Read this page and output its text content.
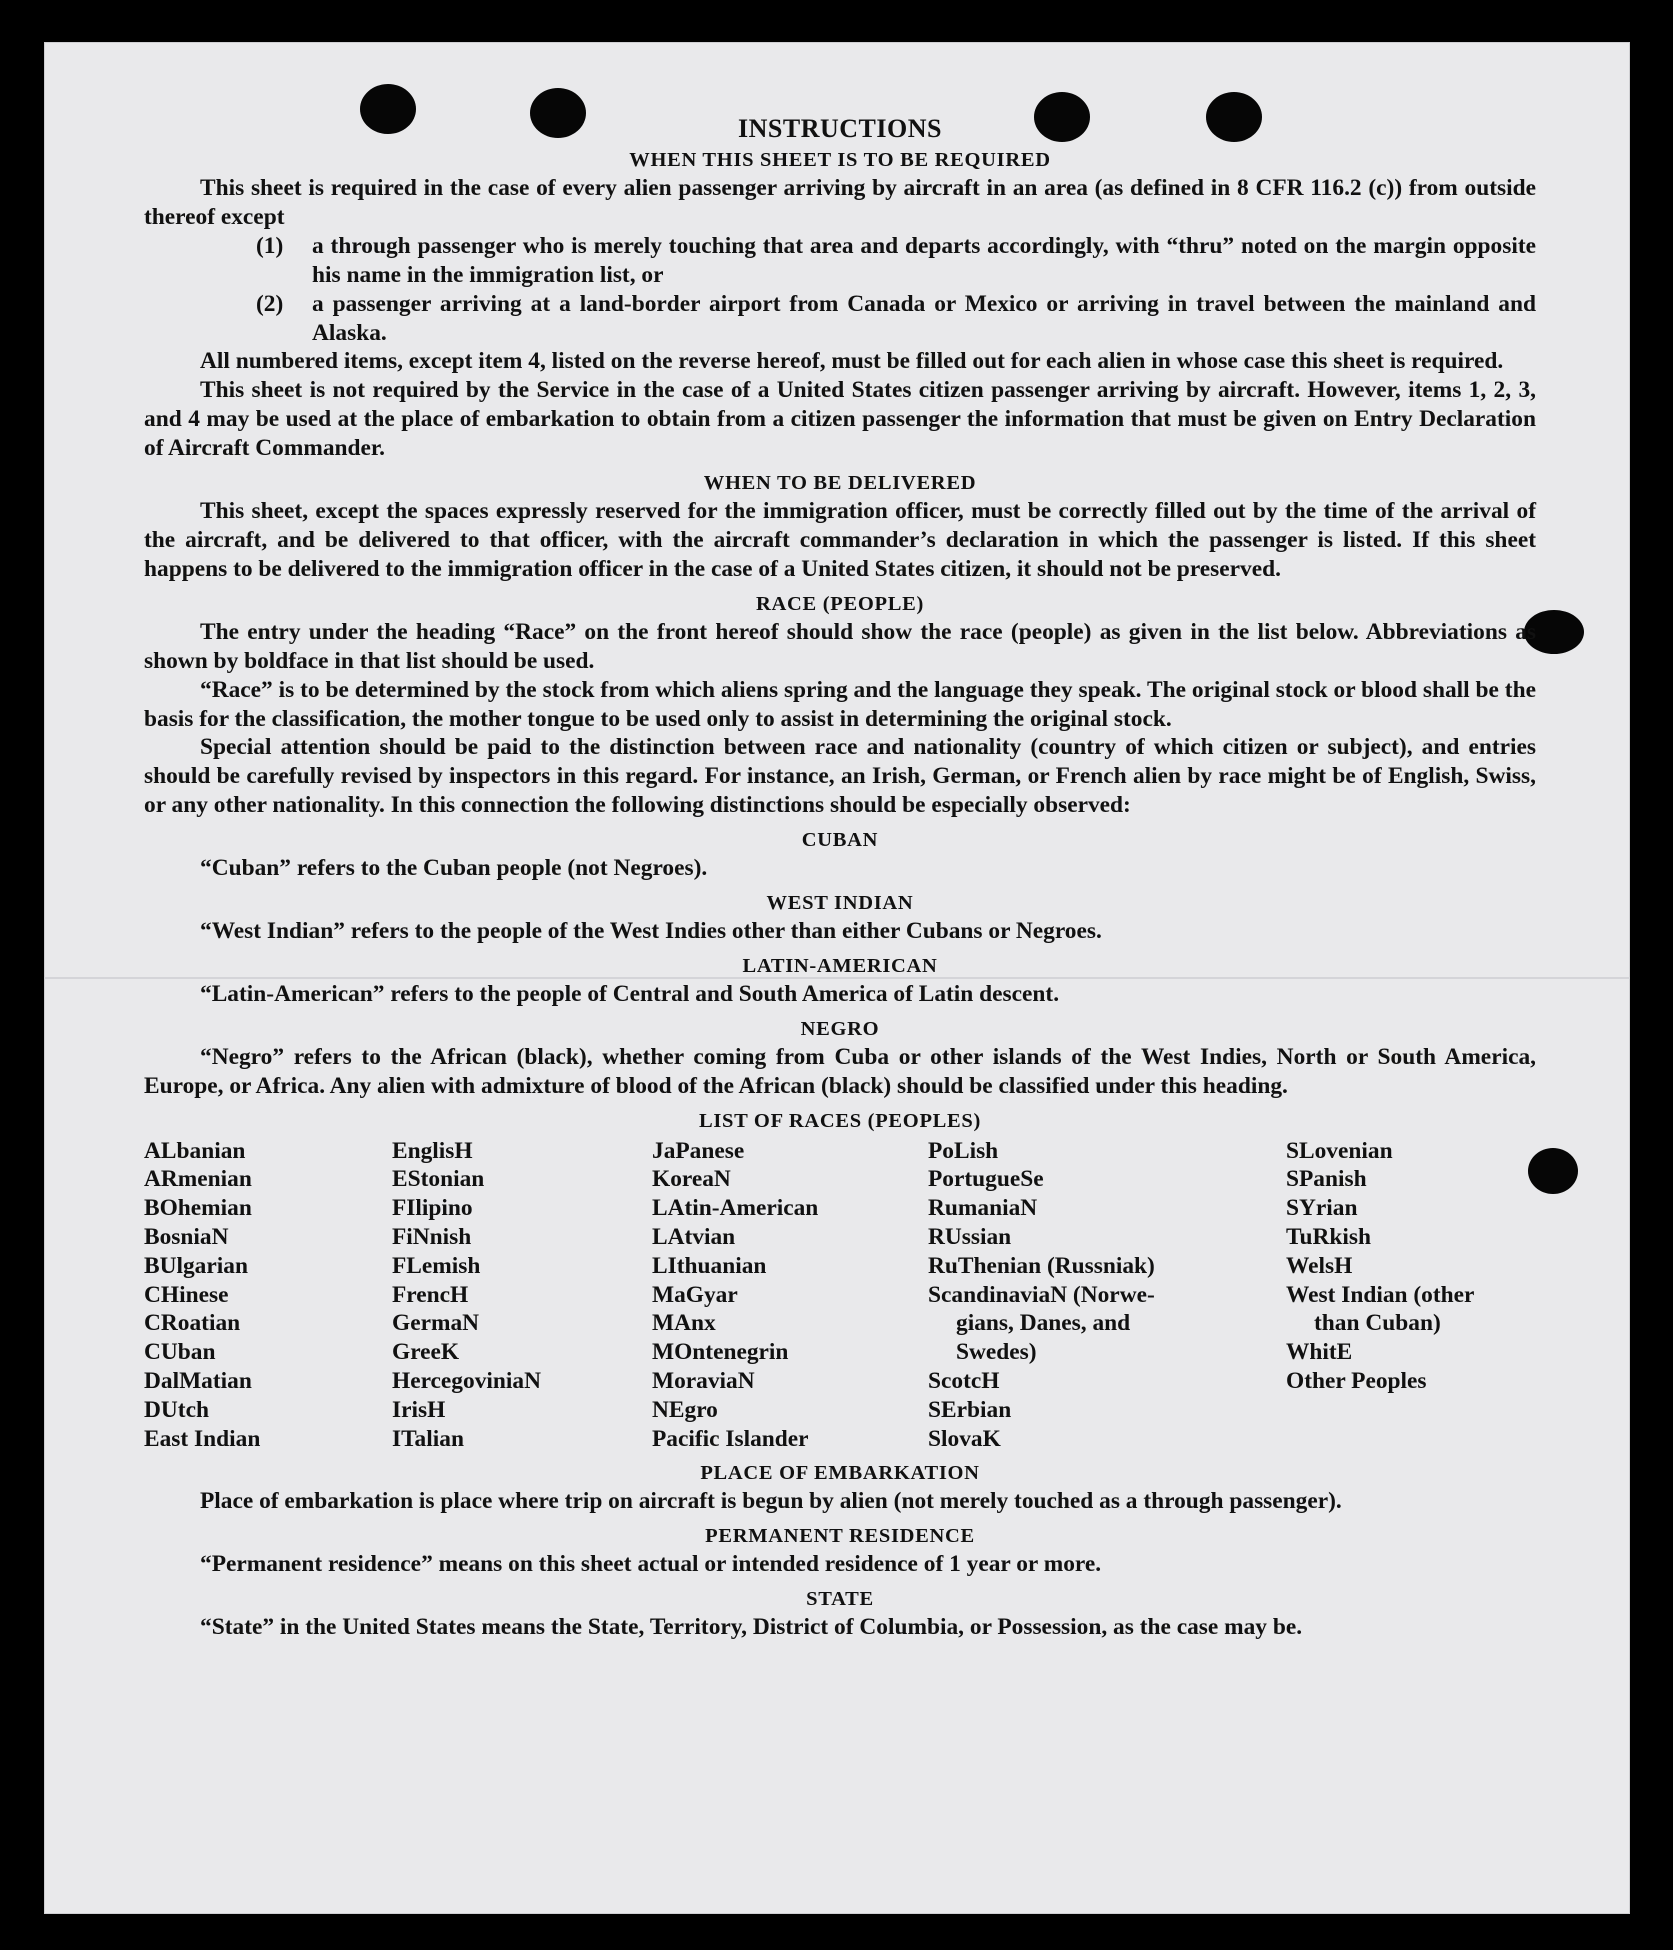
INSTRUCTIONS
WHEN THIS SHEET IS TO BE REQUIRED
This sheet is required in the case of every alien passenger arriving by aircraft in an area (as defined in 8 CFR 116.2 (c)) from outside thereof except
(1)	a through passenger who is merely touching that area and departs accordingly, with “thru” noted on the margin opposite his name in the immigration list, or
(2)	a passenger arriving at a land-border airport from Canada or Mexico or arriving in travel between the mainland and Alaska.
All numbered items, except item 4, listed on the reverse hereof, must be filled out for each alien in whose case this sheet is required.
This sheet is not required by the Service in the case of a United States citizen passenger arriving by aircraft. However, items 1, 2, 3, and 4 may be used at the place of embarkation to obtain from a citizen passenger the information that must be given on Entry Declaration of Aircraft Commander.
WHEN TO BE DELIVERED
This sheet, except the spaces expressly reserved for the immigration officer, must be correctly filled out by the time of the arrival of the aircraft, and be delivered to that officer, with the aircraft commander’s declaration in which the passenger is listed. If this sheet happens to be delivered to the immigration officer in the case of a United States citizen, it should not be preserved.
RACE (PEOPLE)
The entry under the heading “Race” on the front hereof should show the race (people) as given in the list below. Abbreviations as shown by boldface in that list should be used.
“Race” is to be determined by the stock from which aliens spring and the language they speak. The original stock or blood shall be the basis for the classification, the mother tongue to be used only to assist in determining the original stock.
Special attention should be paid to the distinction between race and nationality (country of which citizen or subject), and entries should be carefully revised by inspectors in this regard. For instance, an Irish, German, or French alien by race might be of English, Swiss, or any other nationality. In this connection the following distinctions should be especially observed:
CUBAN
“Cuban” refers to the Cuban people (not Negroes).
WEST INDIAN
“West Indian” refers to the people of the West Indies other than either Cubans or Negroes.
LATIN-AMERICAN
“Latin-American” refers to the people of Central and South America of Latin descent.
NEGRO
“Negro” refers to the African (black), whether coming from Cuba or other islands of the West Indies, North or South America, Europe, or Africa. Any alien with admixture of blood of the African (black) should be classified under this heading.
LIST OF RACES (PEOPLES)
ALbanian
ARmenian
BOhemian
BosniaN
BUlgarian
CHinese
CRoatian
CUban
DalMatian
DUtch
East Indian
EnglisH
EStonian
FIlipino
FiNnish
FLemish
FrencH
GermaN
GreeK
HercegoviniaN
IrisH
ITalian
JaPanese
KoreaN
LAtin-American
LAtvian
LIthuanian
MaGyar
MAnx
MOntenegrin
MoraviaN
NEgro
Pacific Islander
PoLish
PortugueSe
RumaniaN
RUssian
RuThenian (Russniak)
ScandinaviaN (Norwe-
gians, Danes, and
Swedes)
ScotcH
SErbian
SlovaK
SLovenian
SPanish
SYrian
TuRkish
WelsH
West Indian (other
than Cuban)
WhitE
Other Peoples
PLACE OF EMBARKATION
Place of embarkation is place where trip on aircraft is begun by alien (not merely touched as a through passenger).
PERMANENT RESIDENCE
“Permanent residence” means on this sheet actual or intended residence of 1 year or more.
STATE
“State” in the United States means the State, Territory, District of Columbia, or Possession, as the case may be.
